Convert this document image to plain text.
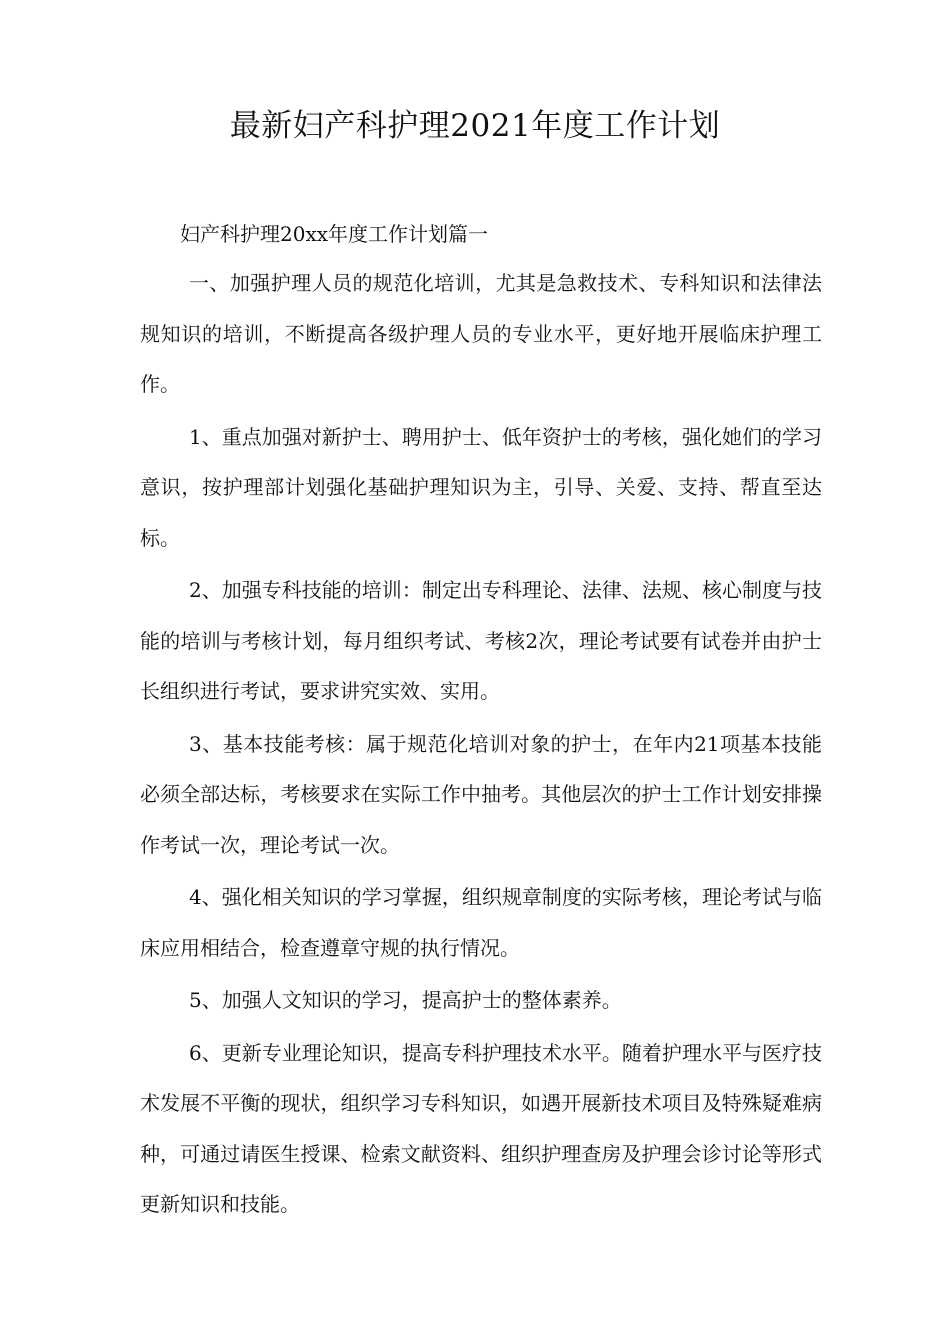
最新妇产科护理2021年度工作计划
妇产科护理20xx年度工作计划篇一

一、加强护理人员的规范化培训，尤其是急救技术、专科知识和法律法规知识的培训，不断提高各级护理人员的专业水平，更好地开展临床护理工作。

1、重点加强对新护士、聘用护士、低年资护士的考核，强化她们的学习意识，按护理部计划强化基础护理知识为主，引导、关爱、支持、帮直至达标。

2、加强专科技能的培训：制定出专科理论、法律、法规、核心制度与技能的培训与考核计划，每月组织考试、考核2次，理论考试要有试卷并由护士长组织进行考试，要求讲究实效、实用。

3、基本技能考核：属于规范化培训对象的护士，在年内21项基本技能必须全部达标，考核要求在实际工作中抽考。其他层次的护士工作计划安排操作考试一次，理论考试一次。

4、强化相关知识的学习掌握，组织规章制度的实际考核，理论考试与临床应用相结合，检查遵章守规的执行情况。

5、加强人文知识的学习，提高护士的整体素养。

6、更新专业理论知识，提高专科护理技术水平。随着护理水平与医疗技术发展不平衡的现状，组织学习专科知识，如遇开展新技术项目及特殊疑难病种，可通过请医生授课、检索文献资料、组织护理查房及护理会诊讨论等形式更新知识和技能。
